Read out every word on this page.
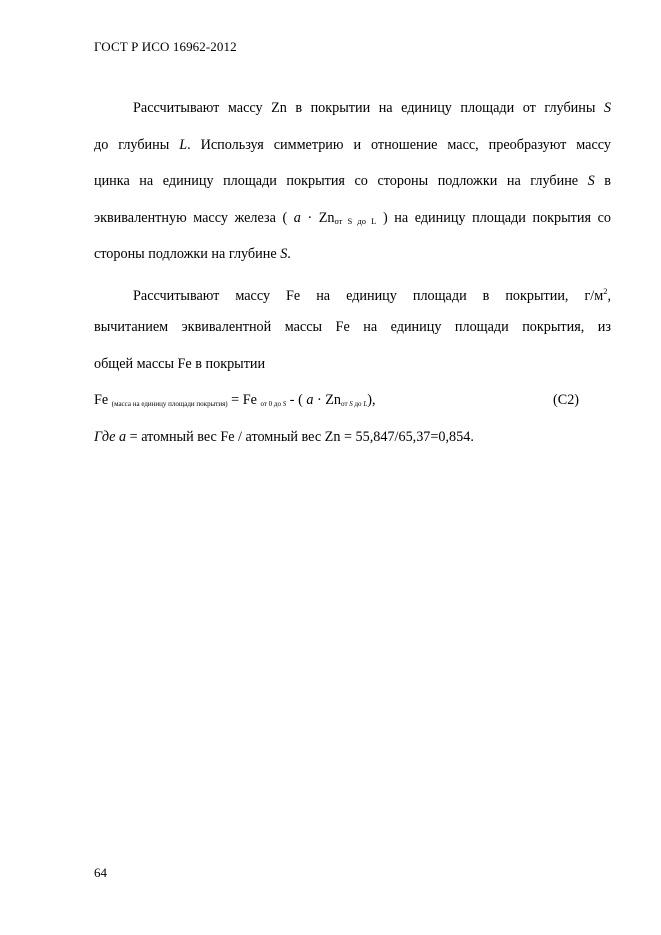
ГОСТ Р ИСО 16962-2012
Рассчитывают массу Zn в покрытии на единицу площади от глубины S
до глубины L. Используя симметрию и отношение масс, преобразуют массу
цинка на единицу площади покрытия со стороны подложки на глубине S в
эквивалентную массу железа ( a · Znот S до L ) на единицу площади покрытия со
стороны подложки на глубине S.
Рассчитывают массу Fe на единицу площади в покрытии, $г/м^2$,
вычитанием эквивалентной массы Fe на единицу площади покрытия, из
общей массы Fe в покрытии
Fe (масса на единицу площади покрытия) = Fe от 0 до S - ( a · Znот S до L),	(С2)
Где a = атомный вес Fe / атомный вес Zn = 55,847/65,37=0,854.
64
